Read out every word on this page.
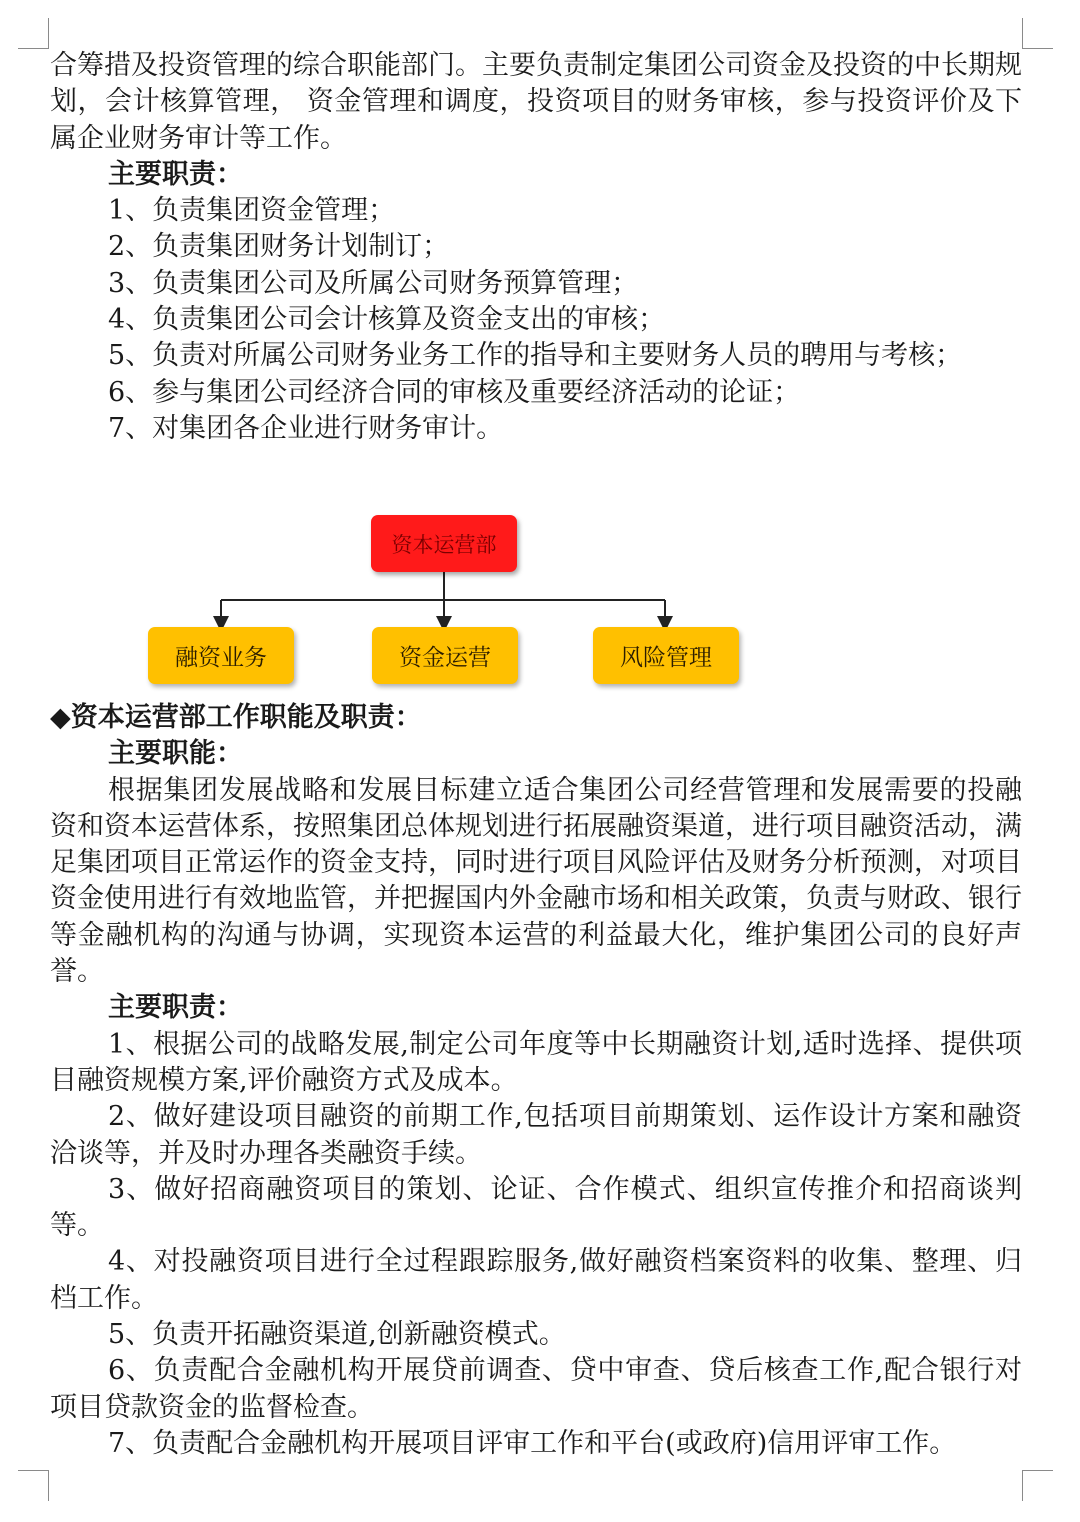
合筹措及投资管理的综合职能部门。主要负责制定集团公司资金及投资的中长期规划，会计核算管理， 资金管理和调度，投资项目的财务审核，参与投资评价及下属企业财务审计等工作。

主要职责：

1、负责集团资金管理；

2、负责集团财务计划制订；

3、负责集团公司及所属公司财务预算管理；

4、负责集团公司会计核算及资金支出的审核；

5、负责对所属公司财务业务工作的指导和主要财务人员的聘用与考核；

6、参与集团公司经济合同的审核及重要经济活动的论证；

7、对集团各企业进行财务审计。

资本运营部
融资业务	资金运营	风险管理

◆资本运营部工作职能及职责：

主要职能：

根据集团发展战略和发展目标建立适合集团公司经营管理和发展需要的投融资和资本运营体系，按照集团总体规划进行拓展融资渠道，进行项目融资活动，满足集团项目正常运作的资金支持，同时进行项目风险评估及财务分析预测，对项目资金使用进行有效地监管，并把握国内外金融市场和相关政策，负责与财政、银行等金融机构的沟通与协调，实现资本运营的利益最大化，维护集团公司的良好声誉。

主要职责：

1、根据公司的战略发展,制定公司年度等中长期融资计划,适时选择、提供项目融资规模方案,评价融资方式及成本。

2、做好建设项目融资的前期工作,包括项目前期策划、运作设计方案和融资洽谈等，并及时办理各类融资手续。

3、做好招商融资项目的策划、论证、合作模式、组织宣传推介和招商谈判等。

4、对投融资项目进行全过程跟踪服务,做好融资档案资料的收集、整理、归档工作。

5、负责开拓融资渠道,创新融资模式。

6、负责配合金融机构开展贷前调查、贷中审查、贷后核查工作,配合银行对项目贷款资金的监督检查。

7、负责配合金融机构开展项目评审工作和平台(或政府)信用评审工作。
